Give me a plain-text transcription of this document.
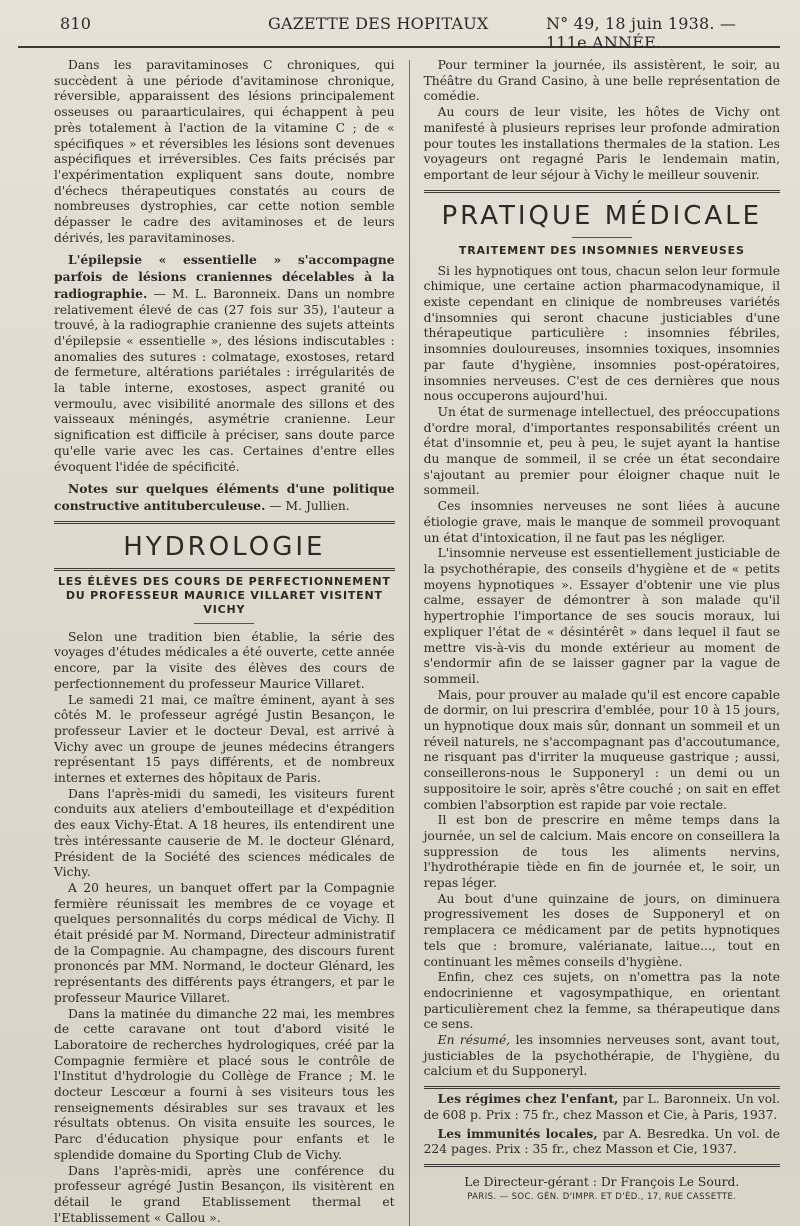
810	GAZETTE DES HOPITAUX	N° 49, 18 juin 1938. — 111e ANNÉE.

Dans les paravitaminoses C chroniques, qui succèdent à une période d'avitaminose chronique, réversible, apparaissent des lésions principalement osseuses ou paraarticulaires, qui échappent à peu près totalement à l'action de la vitamine C ; de « spécifiques » et réversibles les lésions sont devenues aspécifiques et irréversibles. Ces faits précisés par l'expérimentation expliquent sans doute, nombre d'échecs thérapeutiques constatés au cours de nombreuses dystrophies, car cette notion semble dépasser le cadre des avitaminoses et de leurs dérivés, les paravitaminoses.

L'épilepsie « essentielle » s'accompagne parfois de lésions craniennes décelables à la radiographie. — M. L. Baronneix. Dans un nombre relativement élevé de cas (27 fois sur 35), l'auteur a trouvé, à la radiographie cranienne des sujets atteints d'épilepsie « essentielle », des lésions indiscutables : anomalies des sutures : colmatage, exostoses, retard de fermeture, altérations pariétales : irrégularités de la table interne, exostoses, aspect granité ou vermoulu, avec visibilité anormale des sillons et des vaisseaux méningés, asymétrie cranienne. Leur signification est difficile à préciser, sans doute parce qu'elle varie avec les cas. Certaines d'entre elles évoquent l'idée de spécificité.

Notes sur quelques éléments d'une politique constructive antituberculeuse. — M. Jullien.

HYDROLOGIE
LES ÉLÈVES DES COURS DE PERFECTIONNEMENT DU PROFESSEUR MAURICE VILLARET VISITENT VICHY

Selon une tradition bien établie, la série des voyages d'études médicales a été ouverte, cette année encore, par la visite des élèves des cours de perfectionnement du professeur Maurice Villaret.

Le samedi 21 mai, ce maître éminent, ayant à ses côtés M. le professeur agrégé Justin Besançon, le professeur Lavier et le docteur Deval, est arrivé à Vichy avec un groupe de jeunes médecins étrangers représentant 15 pays différents, et de nombreux internes et externes des hôpitaux de Paris.

Dans l'après-midi du samedi, les visiteurs furent conduits aux ateliers d'embouteillage et d'expédition des eaux Vichy-État. A 18 heures, ils entendirent une très intéressante causerie de M. le docteur Glénard, Président de la Société des sciences médicales de Vichy.

A 20 heures, un banquet offert par la Compagnie fermière réunissait les membres de ce voyage et quelques personnalités du corps médical de Vichy. Il était présidé par M. Normand, Directeur administratif de la Compagnie. Au champagne, des discours furent prononcés par MM. Normand, le docteur Glénard, les représentants des différents pays étrangers, et par le professeur Maurice Villaret.

Dans la matinée du dimanche 22 mai, les membres de cette caravane ont tout d'abord visité le Laboratoire de recherches hydrologiques, créé par la Compagnie fermière et placé sous le contrôle de l'Institut d'hydrologie du Collège de France ; M. le docteur Lescœur a fourni à ses visiteurs tous les renseignements désirables sur ses travaux et les résultats obtenus. On visita ensuite les sources, le Parc d'éducation physique pour enfants et le splendide domaine du Sporting Club de Vichy.

Dans l'après-midi, après une conférence du professeur agrégé Justin Besançon, ils visitèrent en détail le grand Etablissement thermal et l'Etablissement « Callou ».

Pour terminer la journée, ils assistèrent, le soir, au Théâtre du Grand Casino, à une belle représentation de comédie.

Au cours de leur visite, les hôtes de Vichy ont manifesté à plusieurs reprises leur profonde admiration pour toutes les installations thermales de la station. Les voyageurs ont regagné Paris le lendemain matin, emportant de leur séjour à Vichy le meilleur souvenir.

PRATIQUE MÉDICALE
TRAITEMENT DES INSOMNIES NERVEUSES

Si les hypnotiques ont tous, chacun selon leur formule chimique, une certaine action pharmacodynamique, il existe cependant en clinique de nombreuses variétés d'insomnies qui seront chacune justiciables d'une thérapeutique particulière : insomnies fébriles, insomnies douloureuses, insomnies toxiques, insomnies par faute d'hygiène, insomnies post-opératoires, insomnies nerveuses. C'est de ces dernières que nous nous occuperons aujourd'hui.

Un état de surmenage intellectuel, des préoccupations d'ordre moral, d'importantes responsabilités créent un état d'insomnie et, peu à peu, le sujet ayant la hantise du manque de sommeil, il se crée un état secondaire s'ajoutant au premier pour éloigner chaque nuit le sommeil.

Ces insomnies nerveuses ne sont liées à aucune étiologie grave, mais le manque de sommeil provoquant un état d'intoxication, il ne faut pas les négliger.

L'insomnie nerveuse est essentiellement justiciable de la psychothérapie, des conseils d'hygiène et de « petits moyens hypnotiques ». Essayer d'obtenir une vie plus calme, essayer de démontrer à son malade qu'il hypertrophie l'importance de ses soucis moraux, lui expliquer l'état de « désintérêt » dans lequel il faut se mettre vis-à-vis du monde extérieur au moment de s'endormir afin de se laisser gagner par la vague de sommeil.

Mais, pour prouver au malade qu'il est encore capable de dormir, on lui prescrira d'emblée, pour 10 à 15 jours, un hypnotique doux mais sûr, donnant un sommeil et un réveil naturels, ne s'accompagnant pas d'accoutumance, ne risquant pas d'irriter la muqueuse gastrique ; aussi, conseillerons-nous le Supponeryl : un demi ou un suppositoire le soir, après s'être couché ; on sait en effet combien l'absorption est rapide par voie rectale.

Il est bon de prescrire en même temps dans la journée, un sel de calcium. Mais encore on conseillera la suppression de tous les aliments nervins, l'hydrothérapie tiède en fin de journée et, le soir, un repas léger.

Au bout d'une quinzaine de jours, on diminuera progressivement les doses de Supponeryl et on remplacera ce médicament par de petits hypnotiques tels que : bromure, valérianate, laitue..., tout en continuant les mêmes conseils d'hygiène.

Enfin, chez ces sujets, on n'omettra pas la note endocrinienne et vagosympathique, en orientant particulièrement chez la femme, sa thérapeutique dans ce sens.

En résumé, les insomnies nerveuses sont, avant tout, justiciables de la psychothérapie, de l'hygiène, du calcium et du Supponeryl.

Les régimes chez l'enfant, par L. Baronneix. Un vol. de 608 p. Prix : 75 fr., chez Masson et Cie, à Paris, 1937.

Les immunités locales, par A. Besredka. Un vol. de 224 pages. Prix : 35 fr., chez Masson et Cie, 1937.

Le Directeur-gérant : Dr François Le Sourd.
PARIS. — SOC. GÉN. D'IMPR. ET D'ÉD., 17, RUE CASSETTE.
